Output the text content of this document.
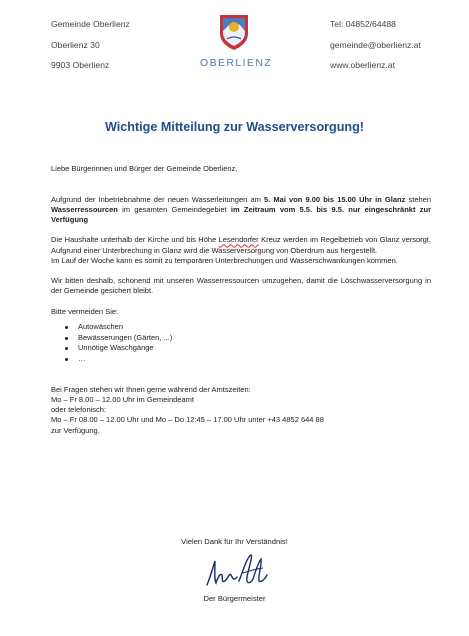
Gemeinde Oberlienz
Oberlienz 30
9903 Oberlienz	OBERLIENZ
Tel: 04852/64488
gemeinde@oberlienz.at
www.oberlienz.at
Wichtige Mitteilung zur Wasserversorgung!

Liebe Bürgerinnen und Bürger der Gemeinde Oberlienz,

Aufgrund der Inbetriebnahme der neuen Wasserleitungen am 5. Mai von 9.00 bis 15.00 Uhr in Glanz stehen Wasserressourcen im gesamten Gemeindegebiet im Zeitraum vom 5.5. bis 9.5. nur eingeschränkt zur Verfügung

Die Haushalte unterhalb der Kirche und bis Höhe Lesendorfer Kreuz werden im Regelbetrieb von Glanz versorgt. Aufgrund einer Unterbrechung in Glanz wird die Wasserversorgung von Oberdrum aus hergestellt.

Im Lauf der Woche kann es somit zu temporären Unterbrechungen und Wasserschwankungen kommen.

Wir bitten deshalb, schonend mit unseren Wasserressourcen umzugehen, damit die Löschwasserversorgung in der Gemeinde gesichert bleibt.

Bitte vermeiden Sie:

Autowäschen
Bewässerungen (Gärten, ...)
Unnötige Waschgänge
…

Bei Fragen stehen wir Ihnen gerne während der Amtszeiten:

Mo – Fr 8.00 – 12.00 Uhr im Gemeindeamt

oder telefonisch:

Mo – Fr 08.00 – 12.00 Uhr und Mo – Do 12:45 – 17.00 Uhr unter +43 4852 644 88

zur Verfügung.

Vielen Dank für Ihr Verständnis!
Der Bürgermeister
